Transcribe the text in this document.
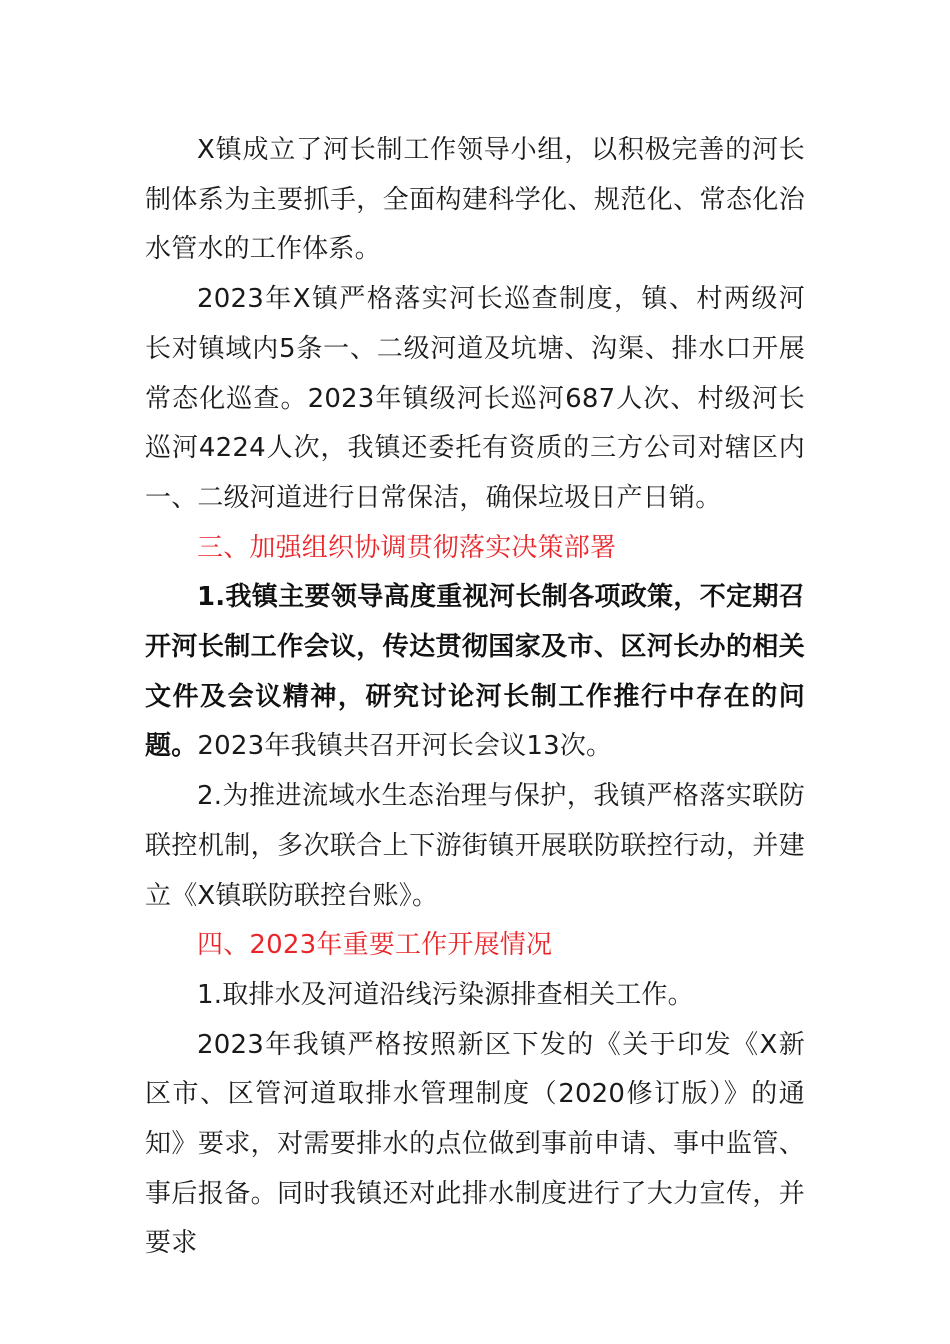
X镇成立了河长制工作领导小组，以积极完善的河长制体系为主要抓手，全面构建科学化、规范化、常态化治水管水的工作体系。

2023年X镇严格落实河长巡查制度，镇、村两级河长对镇域内5条一、二级河道及坑塘、沟渠、排水口开展常态化巡查。2023年镇级河长巡河687人次、村级河长巡河4224人次，我镇还委托有资质的三方公司对辖区内一、二级河道进行日常保洁，确保垃圾日产日销。

三、加强组织协调贯彻落实决策部署

1.我镇主要领导高度重视河长制各项政策，不定期召开河长制工作会议，传达贯彻国家及市、区河长办的相关文件及会议精神，研究讨论河长制工作推行中存在的问题。2023年我镇共召开河长会议13次。

2.为推进流域水生态治理与保护，我镇严格落实联防联控机制，多次联合上下游街镇开展联防联控行动，并建立《X镇联防联控台账》。

四、2023年重要工作开展情况

1.取排水及河道沿线污染源排查相关工作。

2023年我镇严格按照新区下发的《关于印发《X新区市、区管河道取排水管理制度（2020修订版）》的通知》要求，对需要排水的点位做到事前申请、事中监管、事后报备。同时我镇还对此排水制度进行了大力宣传，并要求
